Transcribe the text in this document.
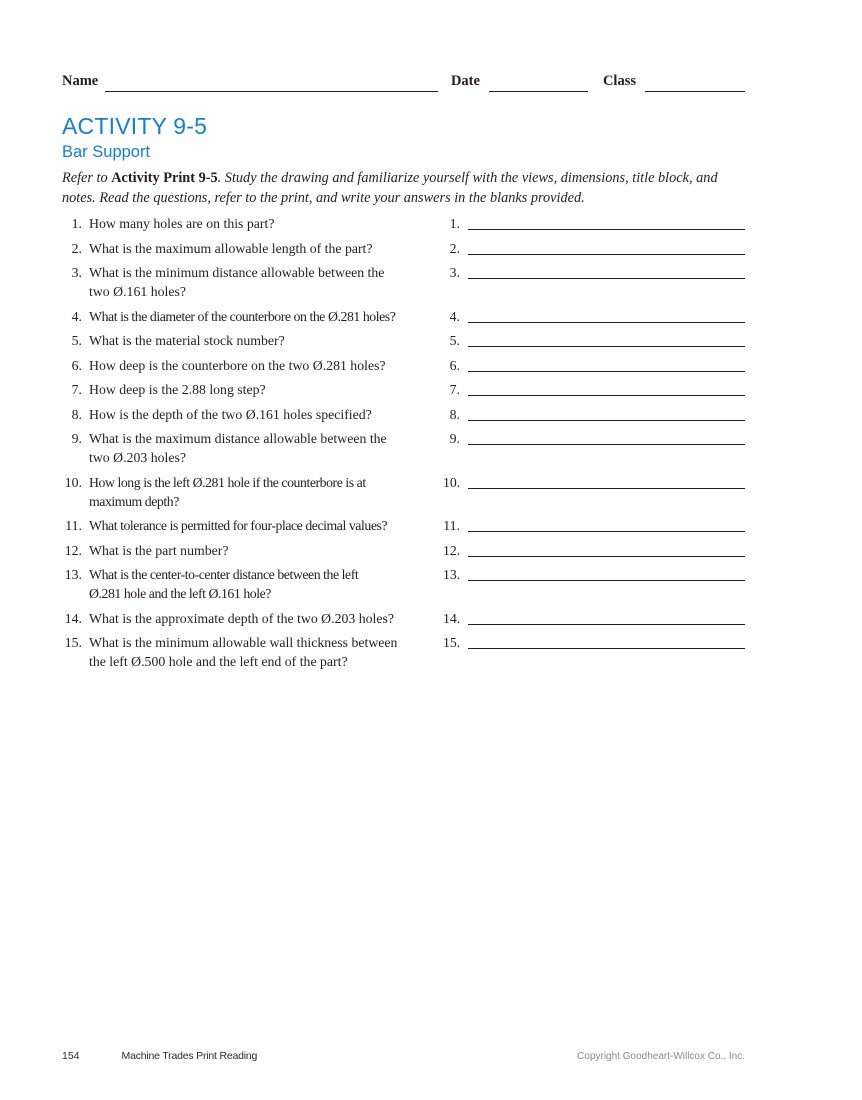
Name	Date	Class
ACTIVITY 9-5
Bar Support

Refer to Activity Print 9-5. Study the drawing and familiarize yourself with the views, dimensions, title block, and notes. Read the questions, refer to the print, and write your answers in the blanks provided.

1. How many holes are on this part?	1.
2. What is the maximum allowable length of the part?	2.
3. What is the minimum distance allowable between the
two Ø.161 holes?
3.
4. What is the diameter of the counterbore on the Ø.281 holes?	4.
5. What is the material stock number?	5.
6. How deep is the counterbore on the two Ø.281 holes?	6.
7. How deep is the 2.88 long step?	7.
8. How is the depth of the two Ø.161 holes specified?	8.
9. What is the maximum distance allowable between the
two Ø.203 holes?
9.
10. How long is the left Ø.281 hole if the counterbore is at
maximum depth?
10.
11. What tolerance is permitted for four-place decimal values?	11.
12. What is the part number?	12.
13. What is the center-to-center distance between the left
Ø.281 hole and the left Ø.161 hole?
13.
14. What is the approximate depth of the two Ø.203 holes?	14.
15. What is the minimum allowable wall thickness between
the left Ø.500 hole and the left end of the part?
15.
154	Machine Trades Print Reading	Copyright Goodheart-Willcox Co., Inc.
